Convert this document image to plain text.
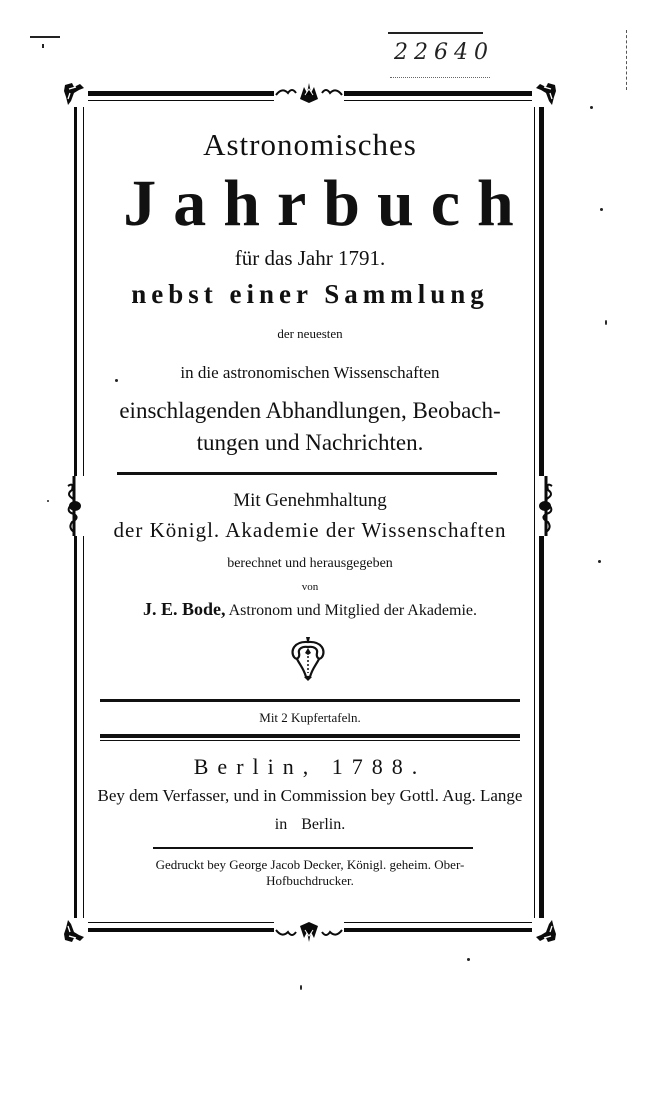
22640
Astronomisches
Jahrbuch
für das Jahr 1791.
nebst einer Sammlung
der neuesten
in die astronomischen Wissenschaften
einschlagenden Abhandlungen, Beobach-
tungen und Nachrichten.
Mit Genehmhaltung
der Königl. Akademie der Wissenschaften
berechnet und herausgegeben
von
J. E. Bode, Astronom und Mitglied der Akademie.
Mit 2 Kupfertafeln.
Berlin, 1788.
Bey dem Verfasser, und in Commission bey Gottl. Aug. Lange
in Berlin.
Gedruckt bey George Jacob Decker, Königl. geheim. Ober-
Hofbuchdrucker.
